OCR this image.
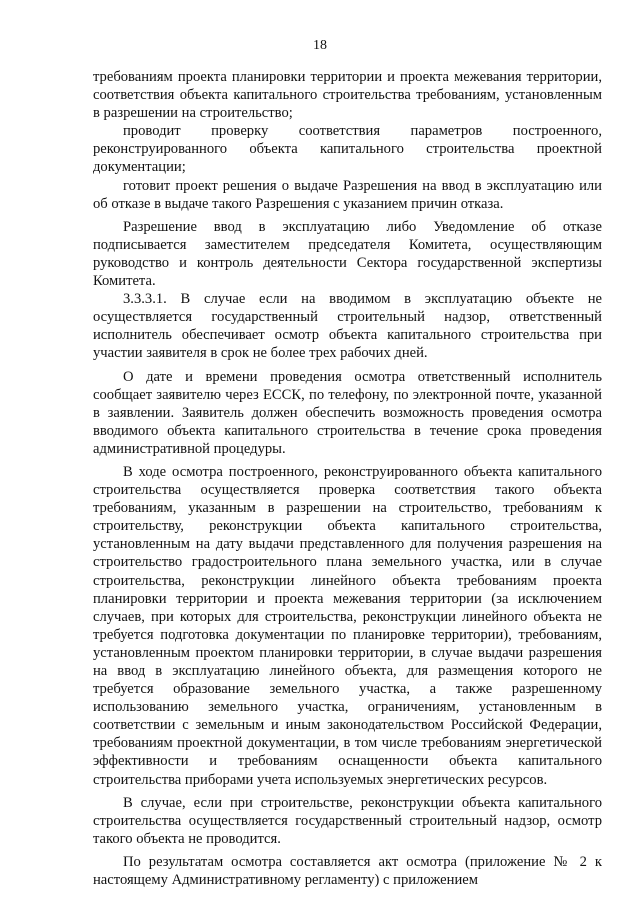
18

требованиям проекта планировки территории и проекта межевания территории, соответствия объекта капитального строительства требованиям, установленным в разрешении на строительство;

проводит проверку соответствия параметров построенного, реконструированного объекта капитального строительства проектной документации;

готовит проект решения о выдаче Разрешения на ввод в эксплуатацию или об отказе в выдаче такого Разрешения с указанием причин отказа.

Разрешение ввод в эксплуатацию либо Уведомление об отказе подписывается заместителем председателя Комитета, осуществляющим руководство и контроль деятельности Сектора государственной экспертизы Комитета.

3.3.3.1. В случае если на вводимом в эксплуатацию объекте не осуществляется государственный строительный надзор, ответственный исполнитель обеспечивает осмотр объекта капитального строительства при участии заявителя в срок не более трех рабочих дней.

О дате и времени проведения осмотра ответственный исполнитель сообщает заявителю через ЕССК, по телефону, по электронной почте, указанной в заявлении. Заявитель должен обеспечить возможность проведения осмотра вводимого объекта капитального строительства в течение срока проведения административной процедуры.

В ходе осмотра построенного, реконструированного объекта капитального строительства осуществляется проверка соответствия такого объекта требованиям, указанным в разрешении на строительство, требованиям к строительству, реконструкции объекта капитального строительства, установленным на дату выдачи представленного для получения разрешения на строительство градостроительного плана земельного участка, или в случае строительства, реконструкции линейного объекта требованиям проекта планировки территории и проекта межевания территории (за исключением случаев, при которых для строительства, реконструкции линейного объекта не требуется подготовка документации по планировке территории), требованиям, установленным проектом планировки территории, в случае выдачи разрешения на ввод в эксплуатацию линейного объекта, для размещения которого не требуется образование земельного участка, а также разрешенному использованию земельного участка, ограничениям, установленным в соответствии с земельным и иным законодательством Российской Федерации, требованиям проектной документации, в том числе требованиям энергетической эффективности и требованиям оснащенности объекта капитального строительства приборами учета используемых энергетических ресурсов.

В случае, если при строительстве, реконструкции объекта капитального строительства осуществляется государственный строительный надзор, осмотр такого объекта не проводится.

По результатам осмотра составляется акт осмотра (приложение № 2 к настоящему Административному регламенту) с приложением
